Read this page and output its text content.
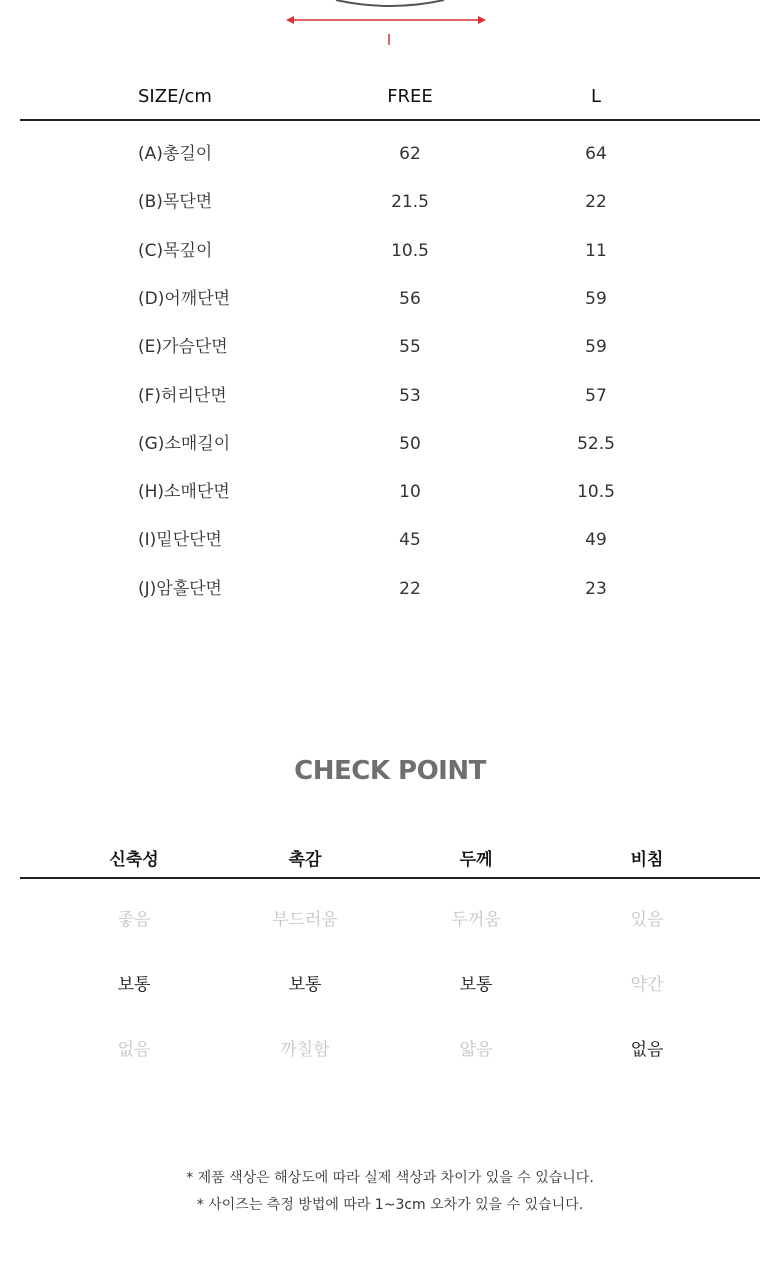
I
SIZE/cm	FREE	L
(A)총길이	62	64
(B)목단면	21.5	22
(C)목깊이	10.5	11
(D)어깨단면	56	59
(E)가슴단면	55	59
(F)허리단면	53	57
(G)소매길이	50	52.5
(H)소매단면	10	10.5
(I)밑단단면	45	49
(J)암홀단면	22	23
CHECK POINT
신축성	촉감	두께	비침
좋음	부드러움	두꺼움	있음
보통	보통	보통	약간
없음	까칠함	얇음	없음
* 제품 색상은 해상도에 따라 실제 색상과 차이가 있을 수 있습니다.
* 사이즈는 측정 방법에 따라 1~3cm 오차가 있을 수 있습니다.
